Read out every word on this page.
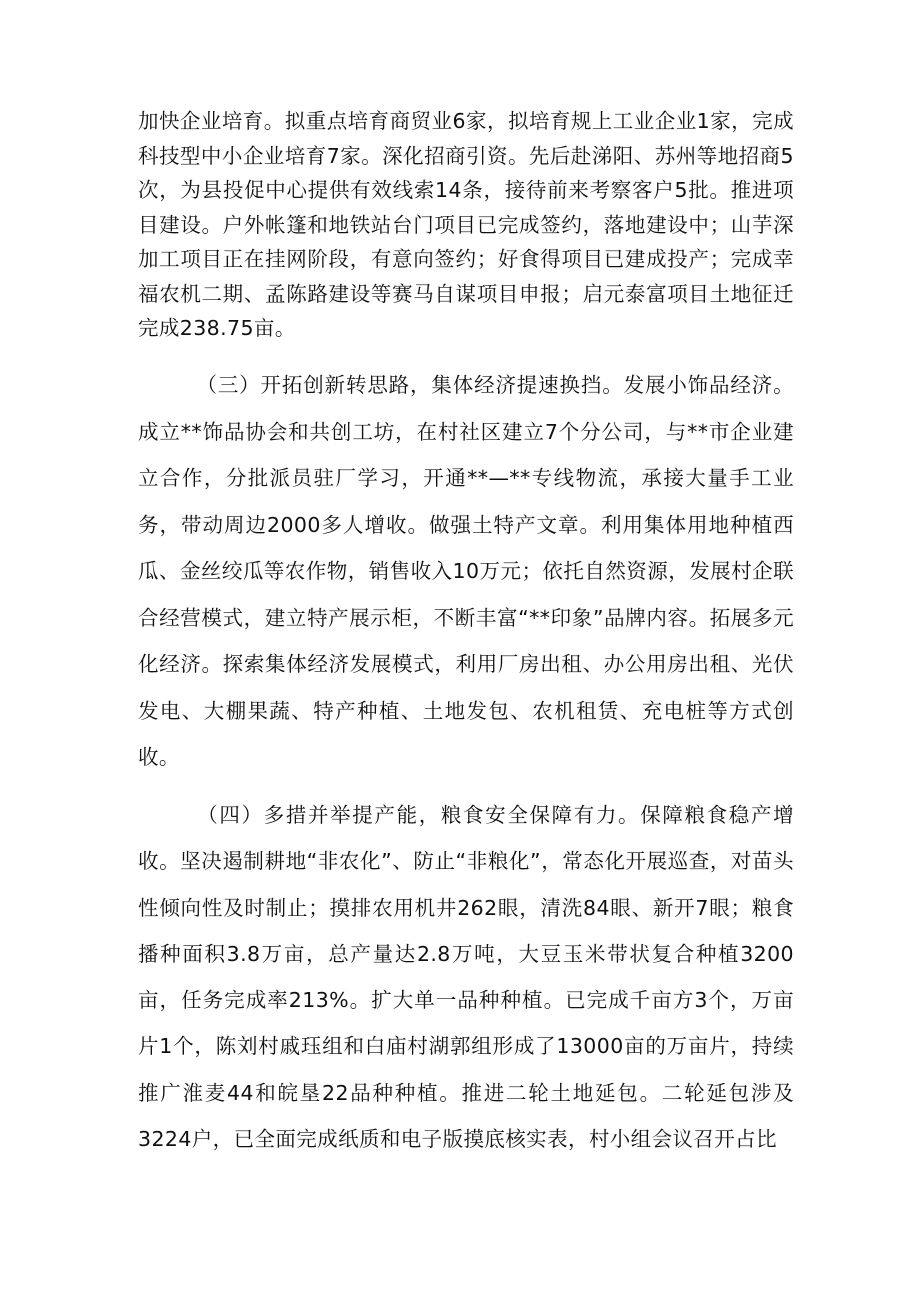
加快企业培育。拟重点培育商贸业6家，拟培育规上工业企业1家，完成科技型中小企业培育7家。深化招商引资。先后赴涕阳、苏州等地招商5次，为县投促中心提供有效线索14条，接待前来考察客户5批。推进项目建设。户外帐篷和地铁站台门项目已完成签约，落地建设中；山芋深加工项目正在挂网阶段，有意向签约；好食得项目已建成投产；完成幸福农机二期、孟陈路建设等赛马自谋项目申报；启元泰富项目土地征迁完成238.75亩。

（三）开拓创新转思路，集体经济提速换挡。发展小饰品经济。成立**饰品协会和共创工坊，在村社区建立7个分公司，与**市企业建立合作，分批派员驻厂学习，开通**—**专线物流，承接大量手工业务，带动周边2000多人增收。做强土特产文章。利用集体用地种植西瓜、金丝绞瓜等农作物，销售收入10万元；依托自然资源，发展村企联合经营模式，建立特产展示柜，不断丰富“**印象”品牌内容。拓展多元化经济。探索集体经济发展模式，利用厂房出租、办公用房出租、光伏发电、大棚果蔬、特产种植、土地发包、农机租赁、充电桩等方式创收。

（四）多措并举提产能，粮食安全保障有力。保障粮食稳产增收。坚决遏制耕地“非农化”、防止“非粮化”，常态化开展巡查，对苗头性倾向性及时制止；摸排农用机井262眼，清洗84眼、新开7眼；粮食播种面积3.8万亩，总产量达2.8万吨，大豆玉米带状复合种植3200亩，任务完成率213%。扩大单一品种种植。已完成千亩方3个，万亩片1个，陈刘村戚珏组和白庙村湖郭组形成了13000亩的万亩片，持续推广淮麦44和皖垦22品种种植。推进二轮土地延包。二轮延包涉及3224户，已全面完成纸质和电子版摸底核实表，村小组会议召开占比
